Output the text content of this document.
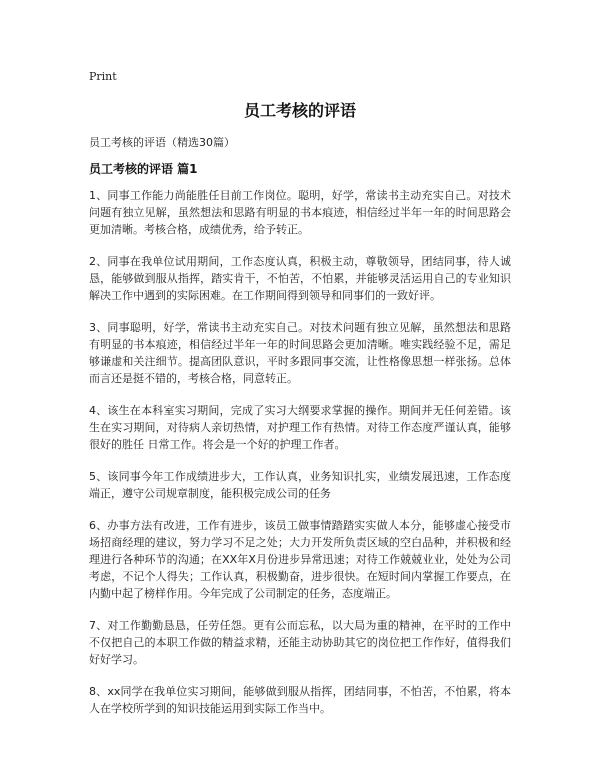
Print
员工考核的评语
员工考核的评语（精选30篇）
员工考核的评语 篇1

1、同事工作能力尚能胜任目前工作岗位。聪明，好学，常读书主动充实自己。对技术问题有独立见解，虽然想法和思路有明显的书本痕迹，相信经过半年一年的时间思路会更加清晰。考核合格，成绩优秀，给予转正。

2、同事在我单位试用期间，工作态度认真，积极主动，尊敬领导，团结同事，待人诚恳，能够做到服从指挥，踏实肯干，不怕苦，不怕累，并能够灵活运用自己的专业知识解决工作中遇到的实际困难。在工作期间得到领导和同事们的一致好评。

3、同事聪明，好学，常读书主动充实自己。对技术问题有独立见解，虽然想法和思路有明显的书本痕迹，相信经过半年一年的时间思路会更加清晰。唯实践经验不足，需足够谦虚和关注细节。提高团队意识，平时多跟同事交流，让性格像思想一样张扬。总体而言还是挺不错的，考核合格，同意转正。

4、该生在本科室实习期间，完成了实习大纲要求掌握的操作。期间并无任何差错。该生在实习期间，对待病人亲切热情，对护理工作有热情。对待工作态度严谨认真，能够很好的胜任 日常工作。将会是一个好的护理工作者。

5、该同事今年工作成绩进步大，工作认真，业务知识扎实，业绩发展迅速，工作态度端正，遵守公司规章制度，能积极完成公司的任务

6、办事方法有改进，工作有进步，该员工做事情踏踏实实做人本分，能够虚心接受市场招商经理的建议，努力学习不足之处；大力开发所负责区域的空白品种，并积极和经理进行各种环节的沟通；在XX年X月份进步异常迅速；对待工作兢兢业业，处处为公司考虑，不记个人得失；工作认真，积极勤奋，进步很快。在短时间内掌握工作要点，在内勤中起了榜样作用。今年完成了公司制定的任务，态度端正。

7、对工作勤勤恳恳，任劳任怨。更有公而忘私，以大局为重的精神，在平时的工作中不仅把自己的本职工作做的精益求精，还能主动协助其它的岗位把工作作好，值得我们好好学习。

8、xx同学在我单位实习期间，能够做到服从指挥，团结同事，不怕苦，不怕累，将本人在学校所学到的知识技能运用到实际工作当中。
